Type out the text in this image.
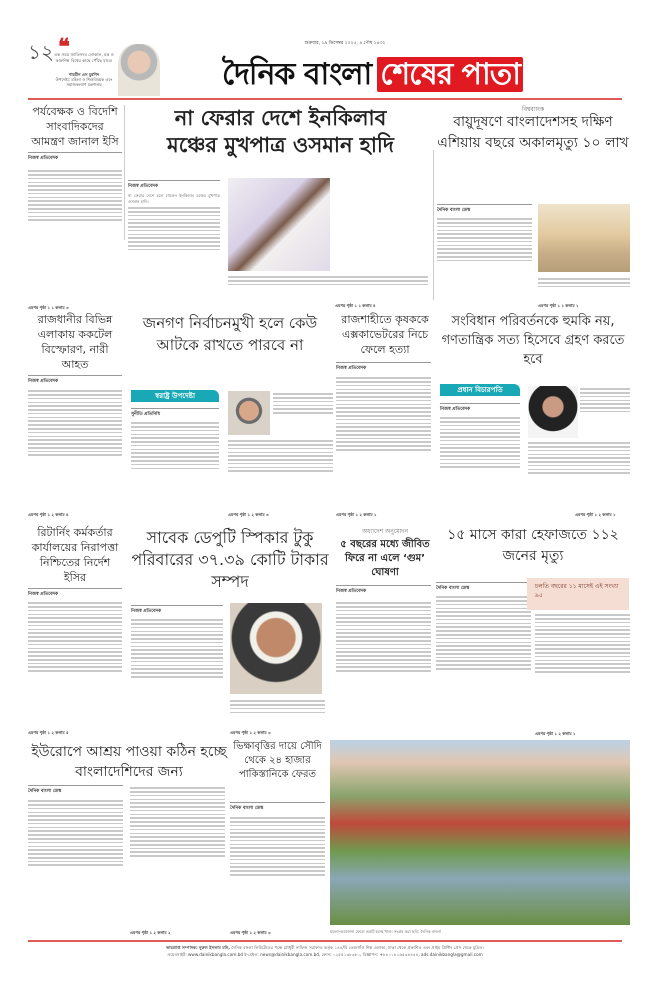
১২ ❝
এক সময় জাতিসংঘ লোকাল, মন্ত্র ও কারুশিল্প বিশ্বের কাছে পৌঁছে যাবে।
শারমীন এস মুরশিদ
উপদেষ্টা: মহিলা ও শিশুবিষয়ক এবং সমাজকল্যাণ মন্ত্রণালয়
শুক্রবার, ১৯ ডিসেম্বর ২০২৫, ৪ পৌষ ১৪৩২
দৈনিক বাংলা শেষের পাতা
পর্যবেক্ষক ও বিদেশি সাংবাদিকদের আমন্ত্রণ জানাল ইসি
নিজস্ব প্রতিবেদক
এরপর পৃষ্ঠা ১ ১ কলাম ৩
না ফেরার দেশে ইনকিলাব
মঞ্চের মুখপাত্র ওসমান হাদি
নিজস্ব প্রতিবেদক
না ফেরার দেশে চলে গেলেন ইনকিলাব মঞ্চের মুখপাত্র ওসমান হাদি।
এরপর পৃষ্ঠা ১ ১ কলাম ৪
বিশ্বব্যাংক
বায়ুদূষণে বাংলাদেশসহ দক্ষিণ এশিয়ায় বছরে অকালমৃত্যু ১০ লাখ
দৈনিক বাংলা ডেস্ক
এরপর পৃষ্ঠা ১ ১ কলাম ১
রাজধানীর বিভিন্ন এলাকায় ককটেল বিস্ফোরণ, নারী আহত
নিজস্ব প্রতিবেদক
এরপর পৃষ্ঠা ১ ২ কলাম ৪
জনগণ নির্বাচনমুখী হলে কেউ আটকে রাখতে পারবে না
স্বরাষ্ট্র উপদেষ্টা
সুনীতি প্রতিনিধি
এরপর পৃষ্ঠা ১ ২ কলাম ৩
রাজশাহীতে কৃষককে এক্সকাভেটরের নিচে ফেলে হত্যা
নিজস্ব প্রতিবেদক
এরপর পৃষ্ঠা ১ ২ কলাম ১
সংবিধান পরিবর্তনকে হুমকি নয়, গণতান্ত্রিক সত্য হিসেবে গ্রহণ করতে হবে
প্রধান বিচারপতি
নিজস্ব প্রতিবেদক
এরপর পৃষ্ঠা ১ ২ কলাম ১
রিটার্নিং কর্মকর্তার কার্যালয়ের নিরাপত্তা নিশ্চিতের নির্দেশ ইসির
নিজস্ব প্রতিবেদক
এরপর পৃষ্ঠা ১ ২ কলাম ৫
সাবেক ডেপুটি স্পিকার টুকু পরিবারের ৩৭.৩৯ কোটি টাকার সম্পদ
নিজস্ব প্রতিবেদক
এরপর পৃষ্ঠা ১ ২ কলাম ৩
অধ্যাদেশ অনুমোদন
৫ বছরের মধ্যে জীবিত ফিরে না এলে ‘গুম’ ঘোষণা
নিজস্ব প্রতিবেদক
১৫ মাসে কারা হেফাজতে ১১২ জনের মৃত্যু
দৈনিক বাংলা ডেস্ক	চলতি বছরের ১১ মাসেই এই সংখ্যা ৯৫
এরপর পৃষ্ঠা ১ ২ কলাম ১
ইউরোপে আশ্রয় পাওয়া কঠিন হচ্ছে বাংলাদেশিদের জন্য
দৈনিক বাংলা ডেস্ক
এরপর পৃষ্ঠা ১ ২ কলাম ২
ভিক্ষাবৃত্তির দায়ে সৌদি থেকে ২৪ হাজার পাকিস্তানিকে ফেরত
দৈনিক বাংলা ডেস্ক
এরপর পৃষ্ঠা ১ ২ কলাম ৩	ময়লা-আবর্জনা ফেলে ভরাট হচ্ছে খাল। সংগ্রহ করা ছবি: দৈনিক বাংলা
ভারপ্রাপ্ত সম্পাদক: নুরুল ইসলাম মনি, দৈনিক বাংলা লিমিটেডের পক্ষে চৌধুরী নাফিজ সরাফাত কর্তৃক ১৪৪/বি তেজগাঁও শিল্প এলাকা, ঢাকা থেকে প্রকাশিত এবং প্রাইম প্রিন্টিং প্রেস থেকে মুদ্রিত।
ওয়েবসাইট: www.dainikbangla.com.bd ই-মেইল: news@dainikbangla.com.bd, ফোন: ০২৫৫১৩৮৩৮০, বিজ্ঞাপন: +৮৮০১৮১৬৫৩৪৪৪৪, ads.dainikbangla@gmail.com
